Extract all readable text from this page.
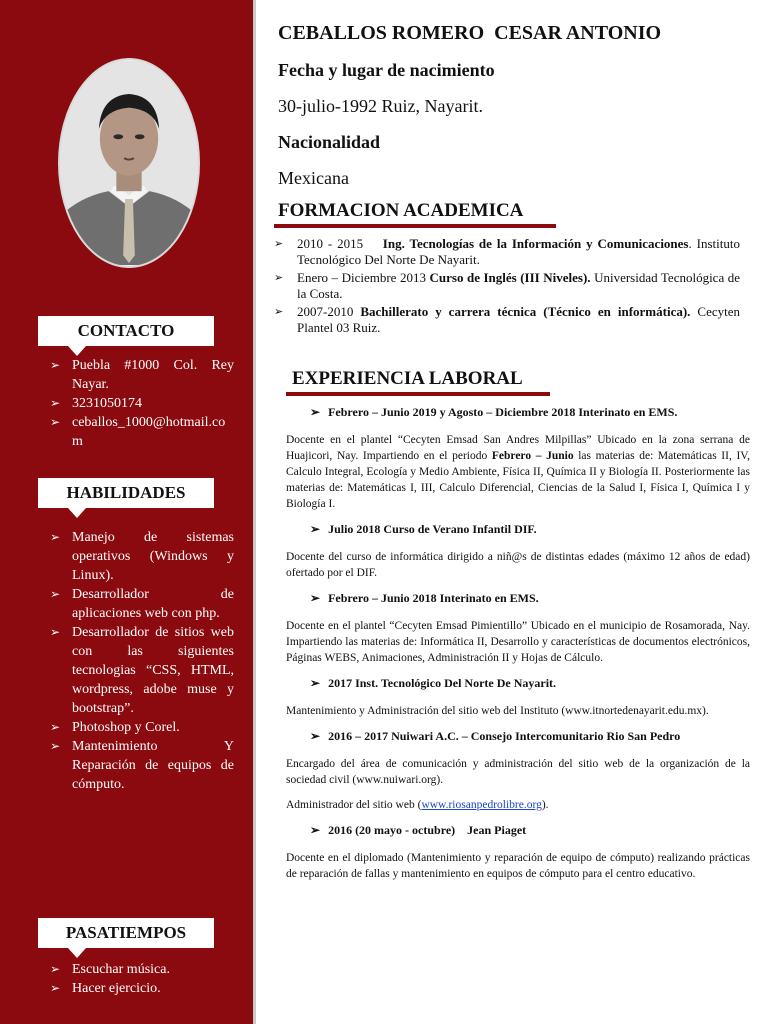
CONTACTO
➢ Puebla #1000 Col. Rey Nayar.
➢ 3231050174
➢ ceballos_1000@hotmail.com
HABILIDADES
➢ Manejo de sistemas operativos (Windows y Linux).
➢ Desarrollador de aplicaciones web con php.
➢ Desarrollador de sitios web con las siguientes tecnologias “CSS, HTML, wordpress, adobe muse y bootstrap”.
➢ Photoshop y Corel.
➢ Mantenimiento Y Reparación de equipos de cómputo.
PASATIEMPOS
➢ Escuchar música.
➢ Hacer ejercicio.
CEBALLOS ROMERO  CESAR ANTONIO
Fecha y lugar de nacimiento
30-julio-1992 Ruiz, Nayarit.
Nacionalidad
Mexicana
FORMACION ACADEMICA
➢ 2010 - 2015 Ing. Tecnologías de la Información y Comunicaciones. Instituto Tecnológico Del Norte De Nayarit.
➢ Enero – Diciembre 2013 Curso de Inglés (III Niveles). Universidad Tecnológica de la Costa.
➢ 2007-2010 Bachillerato y carrera técnica (Técnico en informática). Cecyten Plantel 03 Ruiz.
EXPERIENCIA LABORAL
➢ Febrero – Junio 2019 y Agosto – Diciembre 2018 Interinato en EMS.
Docente en el plantel “Cecyten Emsad San Andres Milpillas” Ubicado en la zona serrana de Huajicori, Nay. Impartiendo en el periodo Febrero – Junio las materias de: Matemáticas II, IV, Calculo Integral, Ecología y Medio Ambiente, Física II, Química II y Biología II. Posteriormente las materias de: Matemáticas I, III, Calculo Diferencial, Ciencias de la Salud I, Física I, Química I y Biología I.
➢ Julio 2018 Curso de Verano Infantil DIF.
Docente del curso de informática dirigido a niñ@s de distintas edades (máximo 12 años de edad) ofertado por el DIF.
➢ Febrero – Junio 2018 Interinato en EMS.
Docente en el plantel “Cecyten Emsad Pimientillo” Ubicado en el municipio de Rosamorada, Nay. Impartiendo las materias de: Informática II, Desarrollo y características de documentos electrónicos, Páginas WEBS, Animaciones, Administración II y Hojas de Cálculo.
➢ 2017 Inst. Tecnológico Del Norte De Nayarit.
Mantenimiento y Administración del sitio web del Instituto (www.itnortedenayarit.edu.mx).
➢ 2016 – 2017 Nuiwari A.C. – Consejo Intercomunitario Rio San Pedro
Encargado del área de comunicación y administración del sitio web de la organización de la sociedad civil (www.nuiwari.org).
Administrador del sitio web (www.riosanpedrolibre.org).
➢ 2016 (20 mayo - octubre)    Jean Piaget
Docente en el diplomado (Mantenimiento y reparación de equipo de cómputo) realizando prácticas de reparación de fallas y mantenimiento en equipos de cómputo para el centro educativo.
